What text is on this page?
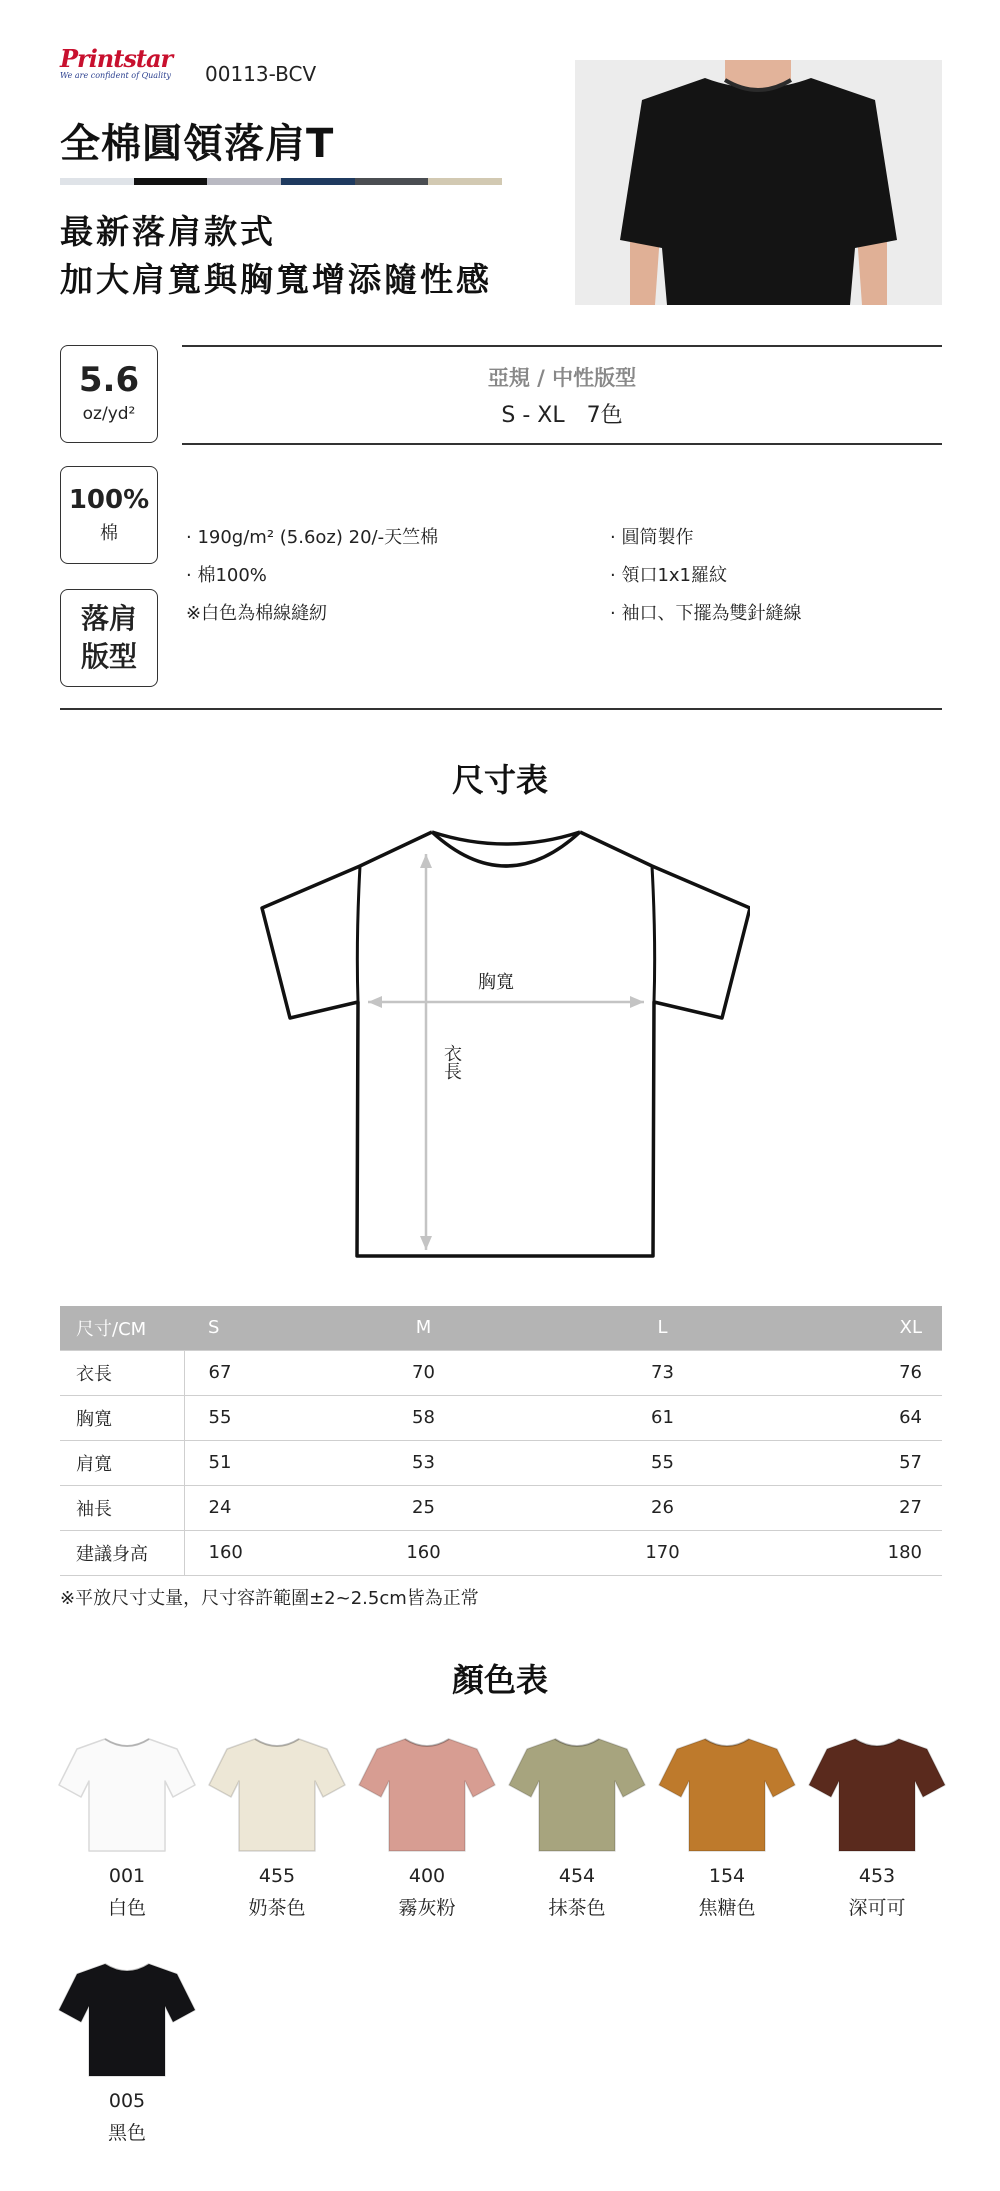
Printstar
We are confident of Quality 00113-BCV
全棉圓領落肩T
最新落肩款式
加大肩寬與胸寬增添隨性感
5.6
oz/yd²
亞規 / 中性版型
S - XL　7色
100%
棉
落肩
版型
· 190g/m² (5.6oz) 20/-天竺棉
· 棉100%
※白色為棉線縫紉
· 圓筒製作
· 領口1x1羅紋
· 袖口、下擺為雙針縫線
尺寸表
胸寬
衣長
尺寸/CM	S	M	L	XL
衣長	67	70	73	76
胸寬	55	58	61	64
肩寬	51	53	55	57
袖長	24	25	26	27
建議身高	160	160	170	180
※平放尺寸丈量，尺寸容許範圍±2~2.5cm皆為正常
顏色表
001
白色
455
奶茶色
400
霧灰粉
454
抹茶色
154
焦糖色
453
深可可
005
黑色
